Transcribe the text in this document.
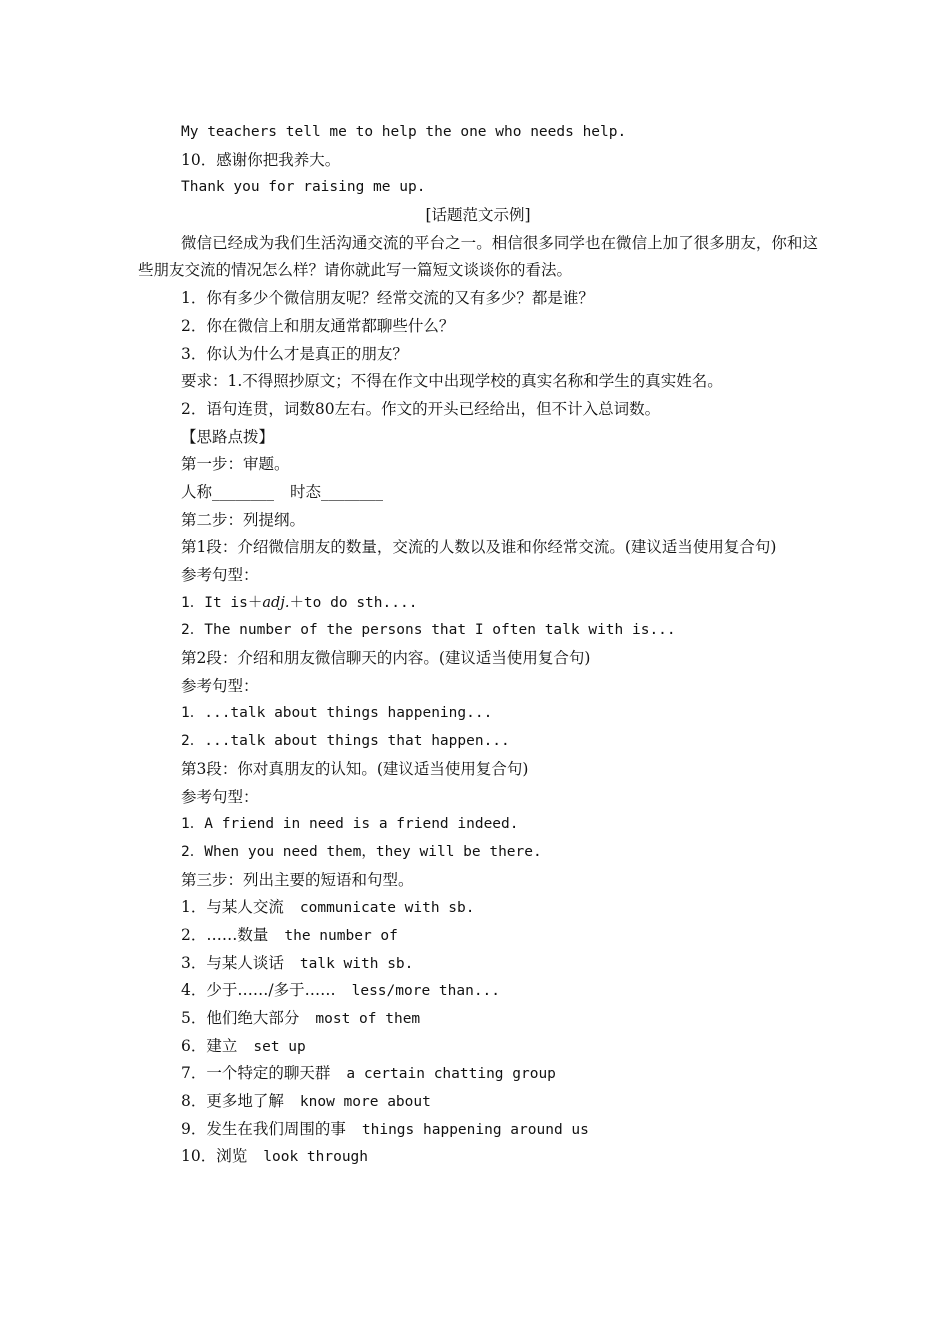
My teachers tell me to help the one who needs help.
10．感谢你把我养大。
Thank you for raising me up.
[话题范文示例]
微信已经成为我们生活沟通交流的平台之一。相信很多同学也在微信上加了很多朋友，你和这些朋友交流的情况怎么样？请你就此写一篇短文谈谈你的看法。
1．你有多少个微信朋友呢？经常交流的又有多少？都是谁？
2．你在微信上和朋友通常都聊些什么？
3．你认为什么才是真正的朋友？
要求：1.不得照抄原文；不得在作文中出现学校的真实名称和学生的真实姓名。
2．语句连贯，词数80左右。作文的开头已经给出，但不计入总词数。
【思路点拨】
第一步：审题。
人称________ 时态________
第二步：列提纲。
第1段：介绍微信朋友的数量，交流的人数以及谁和你经常交流。(建议适当使用复合句)
参考句型：
1．It is＋adj.＋to do sth....
2．The number of the persons that I often talk with is...
第2段：介绍和朋友微信聊天的内容。(建议适当使用复合句)
参考句型：
1．...talk about things happening...
2．...talk about things that happen...
第3段：你对真朋友的认知。(建议适当使用复合句)
参考句型：
1．A friend in need is a friend indeed.
2．When you need them，they will be there.
第三步：列出主要的短语和句型。
1．与某人交流 communicate with sb.
2．……数量 the number of
3．与某人谈话 talk with sb.
4．少于……/多于…… less/more than...
5．他们绝大部分 most of them
6．建立 set up
7．一个特定的聊天群 a certain chatting group
8．更多地了解 know more about
9．发生在我们周围的事 things happening around us
10．浏览 look through
